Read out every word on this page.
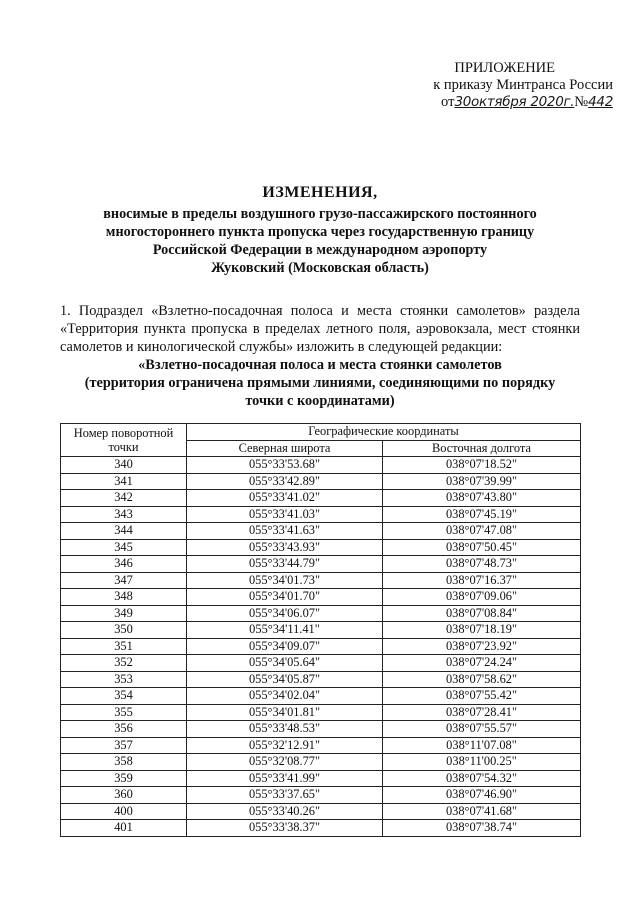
ПРИЛОЖЕНИЕ
к приказу Минтранса России
от30октября 2020г.№442
ИЗМЕНЕНИЯ,
вносимые в пределы воздушного грузо-пассажирского постоянного
многостороннего пункта пропуска через государственную границу
Российской Федерации в международном аэропорту
Жуковский (Московская область)
1. Подраздел «Взлетно-посадочная полоса и места стоянки самолетов» раздела «Территория пункта пропуска в пределах летного поля, аэровокзала, мест стоянки самолетов и кинологической службы» изложить в следующей редакции:
«Взлетно-посадочная полоса и места стоянки самолетов
(территория ограничена прямыми линиями, соединяющими по порядку
точки с координатами)
Номер поворотной точки	Географические координаты	
	Северная широта	Восточная долгота
340	055°33'53.68"	038°07'18.52"
341	055°33'42.89"	038°07'39.99"
342	055°33'41.02"	038°07'43.80"
343	055°33'41.03"	038°07'45.19"
344	055°33'41.63"	038°07'47.08"
345	055°33'43.93"	038°07'50.45"
346	055°33'44.79"	038°07'48.73"
347	055°34'01.73"	038°07'16.37"
348	055°34'01.70"	038°07'09.06"
349	055°34'06.07"	038°07'08.84"
350	055°34'11.41"	038°07'18.19"
351	055°34'09.07"	038°07'23.92"
352	055°34'05.64"	038°07'24.24"
353	055°34'05.87"	038°07'58.62"
354	055°34'02.04"	038°07'55.42"
355	055°34'01.81"	038°07'28.41"
356	055°33'48.53"	038°07'55.57"
357	055°32'12.91"	038°11'07.08"
358	055°32'08.77"	038°11'00.25"
359	055°33'41.99"	038°07'54.32"
360	055°33'37.65"	038°07'46.90"
400	055°33'40.26"	038°07'41.68"
401	055°33'38.37"	038°07'38.74"
